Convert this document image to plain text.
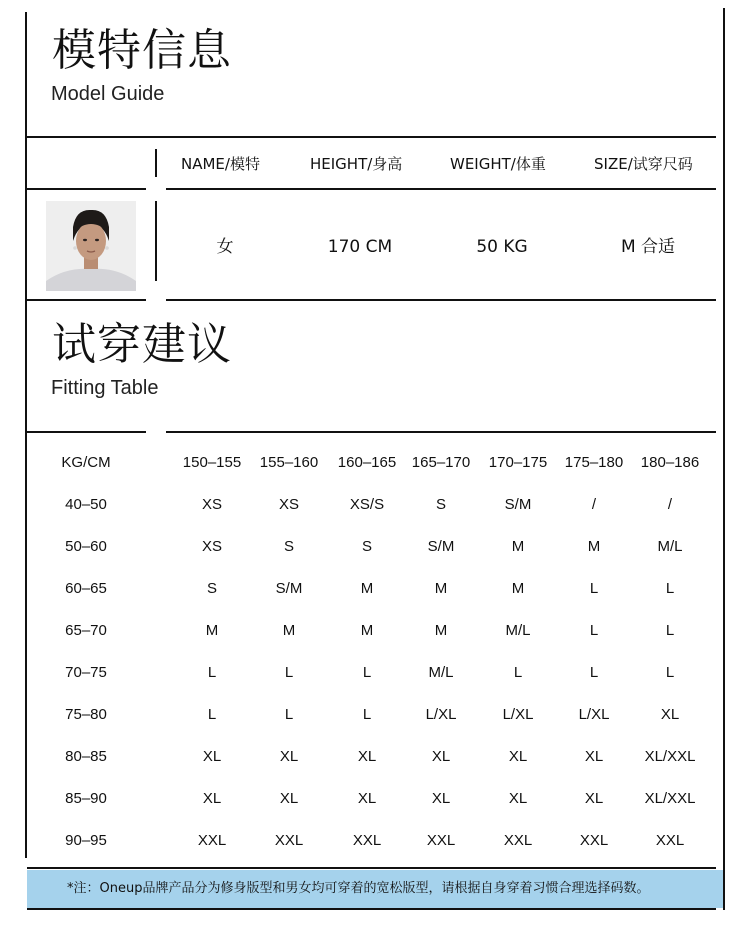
模特信息
Model Guide
NAME/模特	HEIGHT/身高	WEIGHT/体重	SIZE/试穿尺码
女	170 CM	50 KG	M 合适
试穿建议
Fitting Table
KG/CM	150–155	155–160	160–165	165–170	170–175	175–180	180–186
40–50	XS	XS	XS/S	S	S/M	/	/
50–60	XS	S	S	S/M	M	M	M/L
60–65	S	S/M	M	M	M	L	L
65–70	M	M	M	M	M/L	L	L
70–75	L	L	L	M/L	L	L	L
75–80	L	L	L	L/XL	L/XL	L/XL	XL
80–85	XL	XL	XL	XL	XL	XL	XL/XXL
85–90	XL	XL	XL	XL	XL	XL	XL/XXL
90–95	XXL	XXL	XXL	XXL	XXL	XXL	XXL
*注：Oneup品牌产品分为修身版型和男女均可穿着的宽松版型，请根据自身穿着习惯合理选择码数。
